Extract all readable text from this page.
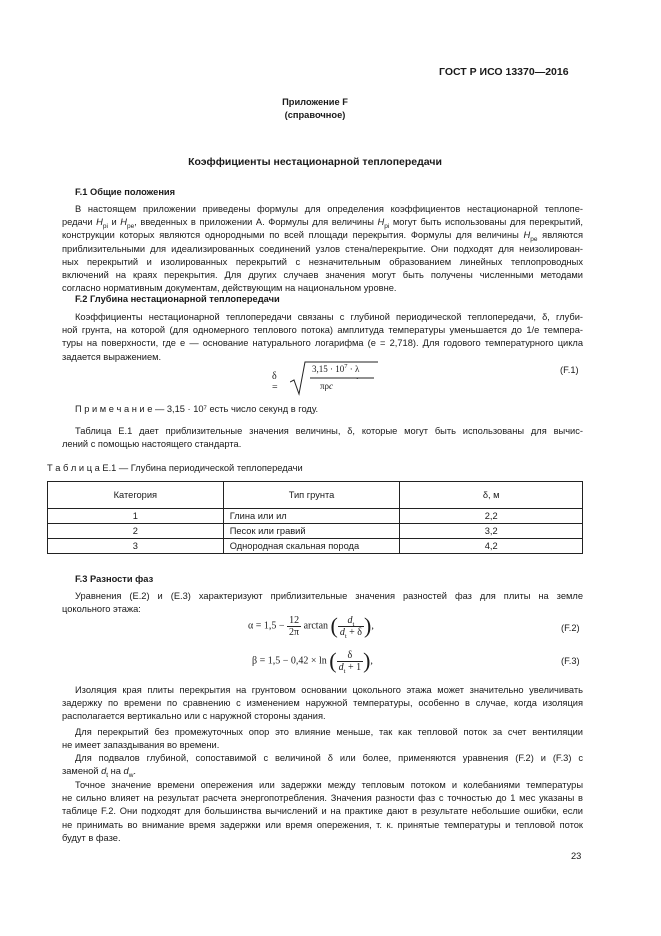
ГОСТ Р ИСО 13370—2016
Приложение F
(справочное)
Коэффициенты нестационарной теплопередачи
F.1 Общие положения
В настоящем приложении приведены формулы для определения коэффициентов нестационарной теплопе-
редачи $H_{pi}$ и $H_{pe}$, введенных в приложении А. Формулы для величины $H_{pi}$ могут быть использованы для перекрытий,
конструкции которых являются однородными по всей площади перекрытия. Формулы для величины $H_{pe}$ являются
приблизительными для идеализированных соединений узлов стена/перекрытие. Они подходят для неизолирован-
ных перекрытий и изолированных перекрытий с незначительным образованием линейных теплопроводных
включений на краях перекрытия. Для других случаев значения могут быть получены численными методами
согласно нормативным документам, действующим на национальном уровне.
F.2 Глубина нестационарной теплопередачи
Коэффициенты нестационарной теплопередачи связаны с глубиной периодической теплопередачи, δ, глуби-
ной грунта, на которой (для одномерного теплового потока) амплитуда температуры уменьшается до 1/е темпера-
туры на поверхности, где е — основание натурального логарифма (е = 2,718). Для годового температурного цикла
задается выражением.
δ =
$3,15 \cdot 10^7 \cdot \lambda$
πρc
.
(F.1)
П р и м е ч а н и е — 3,15 · 10⁷ есть число секунд в году.
Таблица Е.1 дает приблизительные значения величины, δ, которые могут быть использованы для вычис-
лений с помощью настоящего стандарта.
Т а б л и ц а Е.1 — Глубина периодической теплопередачи
Категория	Тип грунта	δ, м
1	Глина или ил	2,2
2	Песок или гравий	3,2
3	Однородная скальная порода	4,2
F.3 Разности фаз
Уравнения (Е.2) и (Е.3) характеризуют приблизительные значения разностей фаз для плиты на земле
цокольного этажа:
$\alpha = 1,5 - \frac{12}{2\pi}$ arctan ( $\frac{d_t}{d_t + \delta}$ ),	(F.2)
β = 1,5 − 0,42 × ln ( $\frac{\delta}{d_t + 1}$ ),	(F.3)
Изоляция края плиты перекрытия на грунтовом основании цокольного этажа может значительно увеличивать
задержку по времени по сравнению с изменением наружной температуры, особенно в случае, когда изоляция
располагается вертикально или с наружной стороны здания.
Для перекрытий без промежуточных опор это влияние меньше, так как тепловой поток за счет вентиляции
не имеет запаздывания во времени.
Для подвалов глубиной, сопоставимой с величиной δ или более, применяются уравнения (F.2) и (F.3) с
заменой $d_t$ на $d_w$.
Точное значение времени опережения или задержки между тепловым потоком и колебаниями температуры
не сильно влияет на результат расчета энергопотребления. Значения разности фаз с точностью до 1 мес указаны в
таблице F.2. Они подходят для большинства вычислений и на практике дают в результате небольшие ошибки, если
не принимать во внимание время задержки или время опережения, т. к. принятые температуры и тепловой поток
будут в фазе.
23
